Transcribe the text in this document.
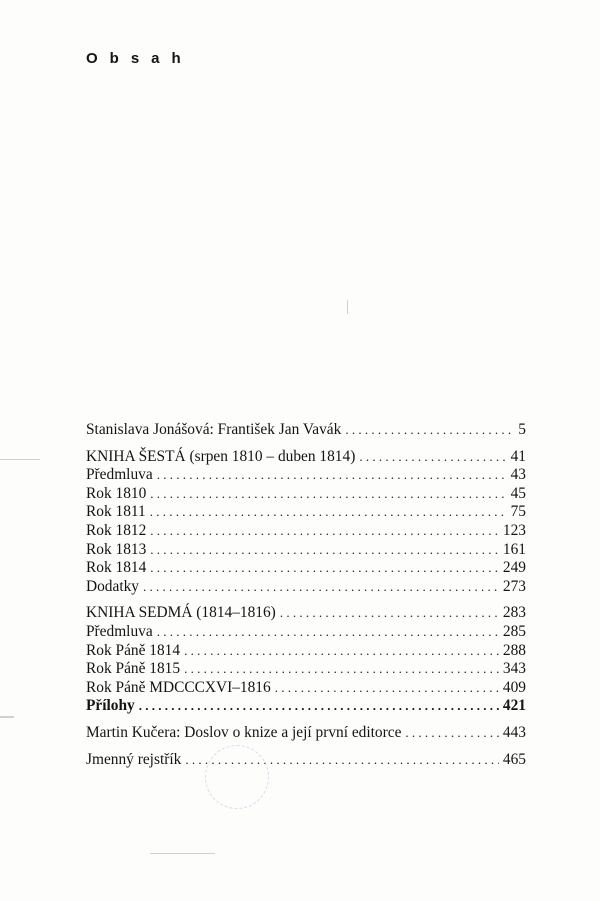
Obsah
Stanislava Jonášová: František Jan Vavák . . .	5
KNIHA ŠESTÁ (srpen 1810 – duben 1814) . . .	41
Předmluva . . .	43
Rok 1810 . . .	45
Rok 1811 . . .	75
Rok 1812 . . .	123
Rok 1813 . . .	161
Rok 1814 . . .	249
Dodatky . . .	273
KNIHA SEDMÁ (1814–1816) . . .	283
Předmluva . . .	285
Rok Páně 1814 . . .	288
Rok Páně 1815 . . .	343
Rok Páně MDCCCXVI–1816 . . .	409
Přílohy . . .	421
Martin Kučera: Doslov o knize a její první editorce . . .	443
Jmenný rejstřík . . .	465
